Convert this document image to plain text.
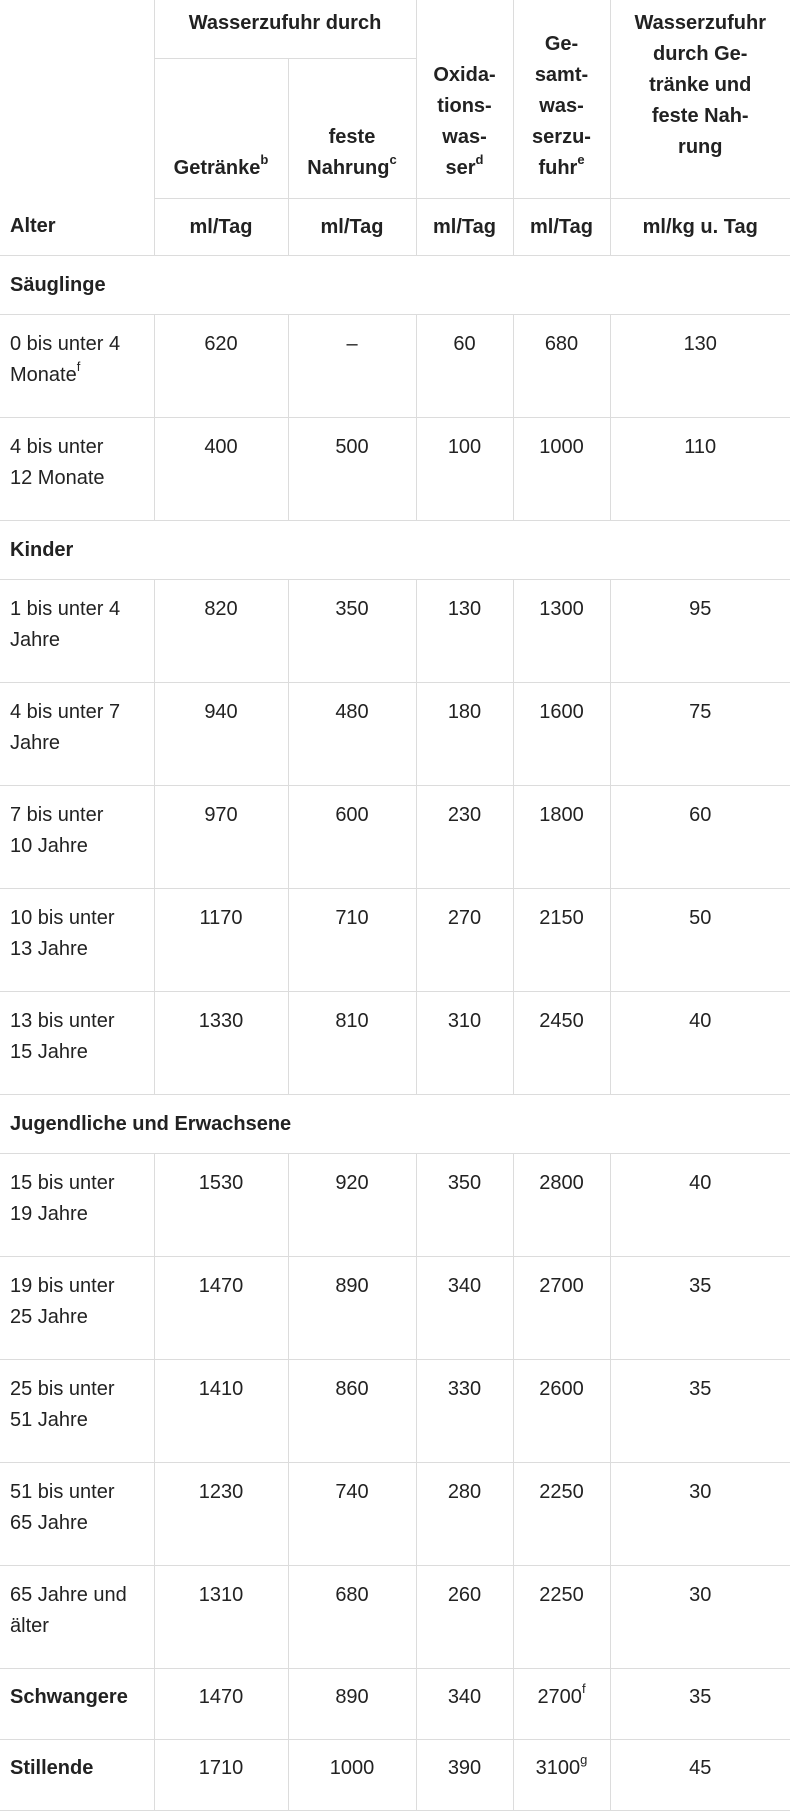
	Wasserzufuhr durch		Oxida-
tions-
was-
ser$^d$	Ge-
samt-
was-
serzu-
fuhr$^e$	Wasserzufuhr
durch Ge-
tränke und
feste Nah-
rung
	Getränke$^b$	feste
Nahrung$^c$
Alter	ml/Tag	ml/Tag	ml/Tag	ml/Tag	ml/kg u. Tag
Säuglinge					
0 bis unter 4
Monate$^f$	620	–	60	680	130
4 bis unter
12 Monate	400	500	100	1000	110
Kinder					
1 bis unter 4
Jahre	820	350	130	1300	95
4 bis unter 7
Jahre	940	480	180	1600	75
7 bis unter
10 Jahre	970	600	230	1800	60
10 bis unter
13 Jahre	1170	710	270	2150	50
13 bis unter
15 Jahre	1330	810	310	2450	40
Jugendliche und Erwachsene					
15 bis unter
19 Jahre	1530	920	350	2800	40
19 bis unter
25 Jahre	1470	890	340	2700	35
25 bis unter
51 Jahre	1410	860	330	2600	35
51 bis unter
65 Jahre	1230	740	280	2250	30
65 Jahre und
älter	1310	680	260	2250	30
Schwangere	1470	890	340	2700$^f$	35
Stillende	1710	1000	390	3100$^g$	45
